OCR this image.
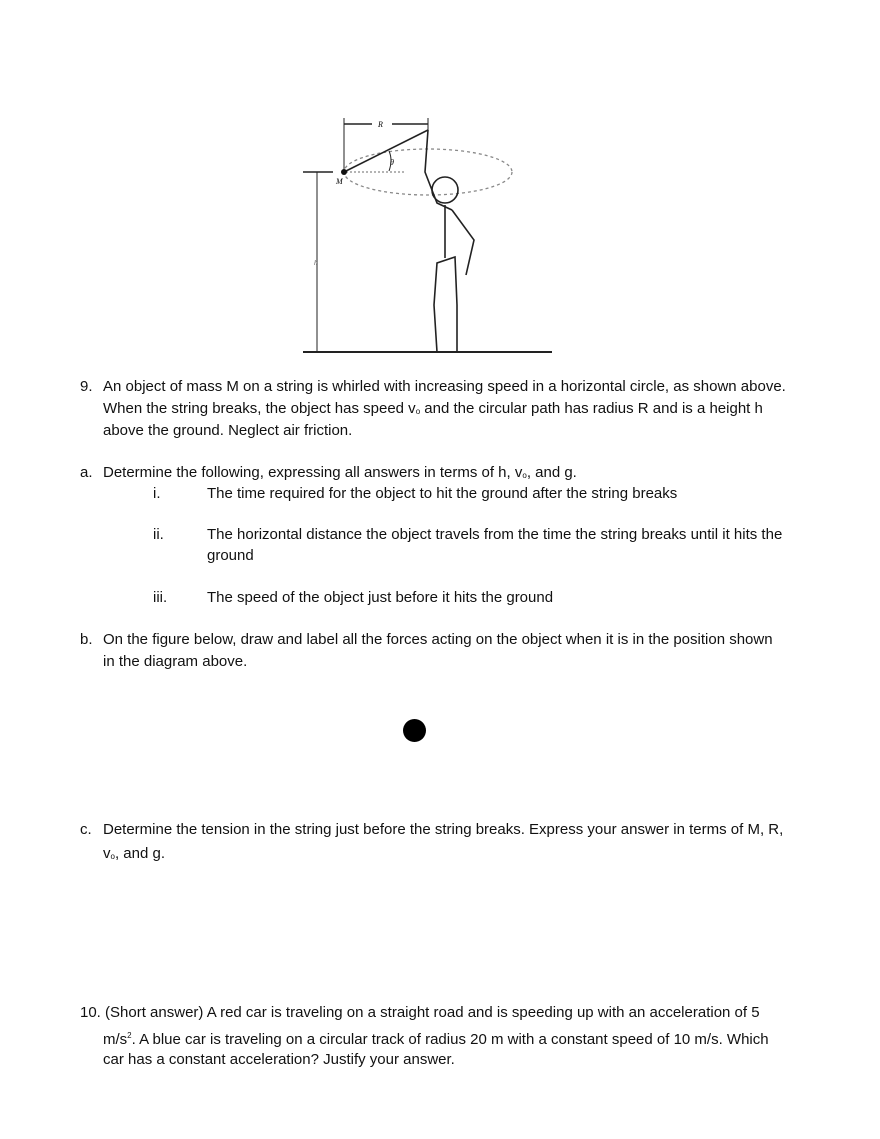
R
θ
M
h
9. An object of mass M on a string is whirled with increasing speed in a horizontal circle, as shown above.
When the string breaks, the object has speed $v_o$ and the circular path has radius R and is a height h
above the ground. Neglect air friction.
a. Determine the following, expressing all answers in terms of h, $v_o$, and g.
i.	The time required for the object to hit the ground after the string breaks
ii.	The horizontal distance the object travels from the time the string breaks until it hits the
ground
iii.	The speed of the object just before it hits the ground
b. On the figure below, draw and label all the forces acting on the object when it is in the position shown
in the diagram above.
c. Determine the tension in the string just before the string breaks. Express your answer in terms of M, R,
$v_o$, and g.
10. (Short answer) A red car is traveling on a straight road and is speeding up with an acceleration of 5
$m/s^2$. A blue car is traveling on a circular track of radius 20 m with a constant speed of 10 m/s. Which
car has a constant acceleration? Justify your answer.
